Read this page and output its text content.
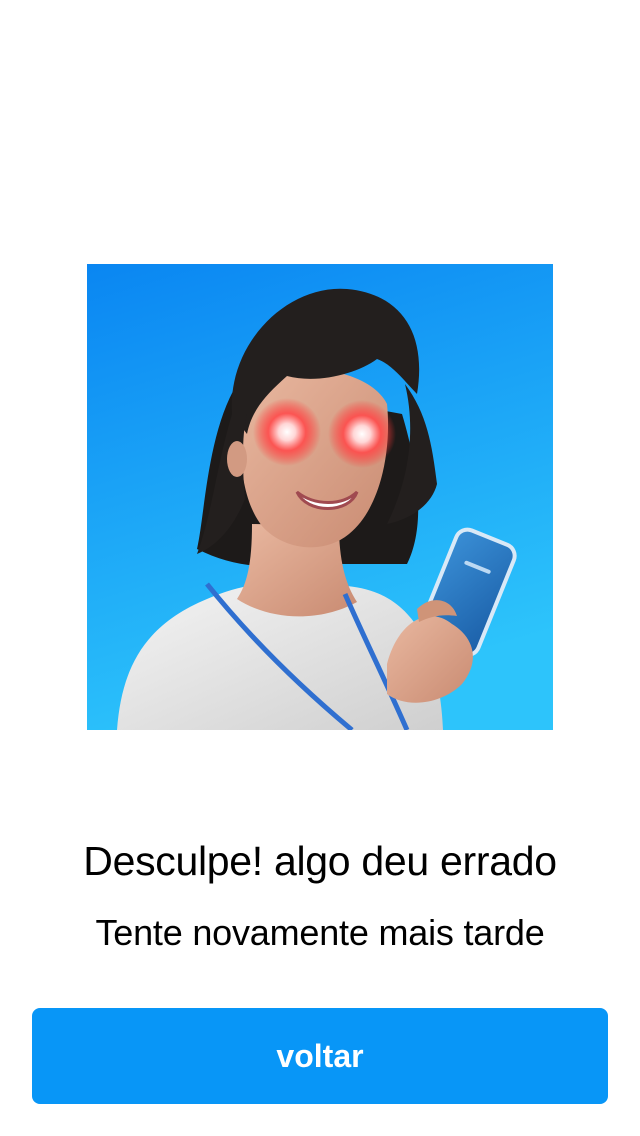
Desculpe! algo deu errado
Tente novamente mais tarde
voltar
